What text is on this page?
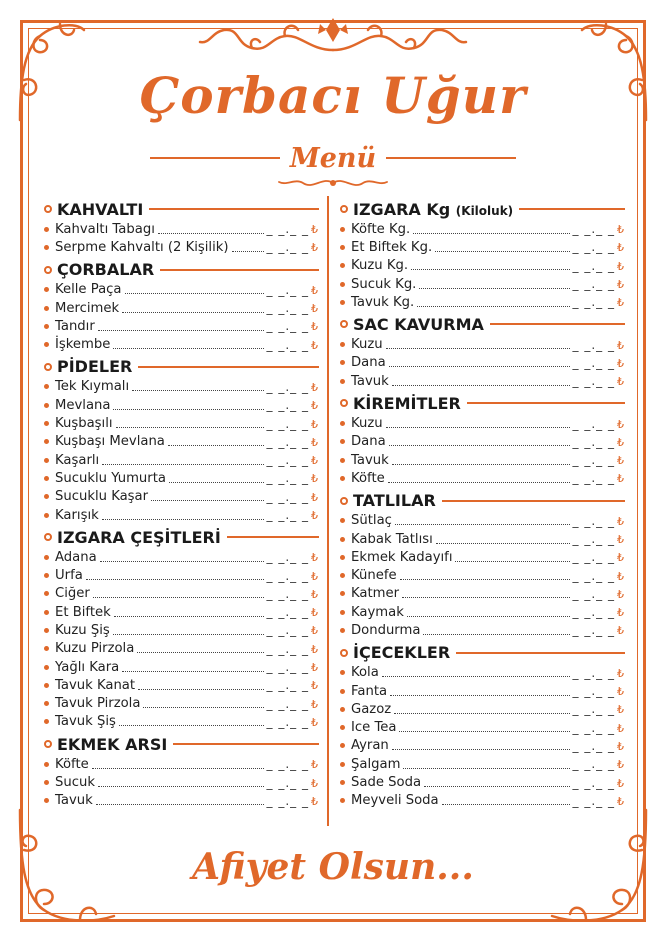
Çorbacı Uğur
Menü
KAHVALTI
Kahvaltı Tabagı	_ _._ _ ₺
Serpme Kahvaltı (2 Kişilik)	_ _._ _ ₺
ÇORBALAR
Kelle Paça	_ _._ _ ₺
Mercimek	_ _._ _ ₺
Tandır	_ _._ _ ₺
İşkembe	_ _._ _ ₺
PİDELER
Tek Kıymalı	_ _._ _ ₺
Mevlana	_ _._ _ ₺
Kuşbaşılı	_ _._ _ ₺
Kuşbaşı Mevlana	_ _._ _ ₺
Kaşarlı	_ _._ _ ₺
Sucuklu Yumurta	_ _._ _ ₺
Sucuklu Kaşar	_ _._ _ ₺
Karışık	_ _._ _ ₺
IZGARA ÇEŞİTLERİ
Adana	_ _._ _ ₺
Urfa	_ _._ _ ₺
Ciğer	_ _._ _ ₺
Et Biftek	_ _._ _ ₺
Kuzu Şiş	_ _._ _ ₺
Kuzu Pirzola	_ _._ _ ₺
Yağlı Kara	_ _._ _ ₺
Tavuk Kanat	_ _._ _ ₺
Tavuk Pirzola	_ _._ _ ₺
Tavuk Şiş	_ _._ _ ₺
EKMEK ARSI
Köfte	_ _._ _ ₺
Sucuk	_ _._ _ ₺
Tavuk	_ _._ _ ₺
IZGARA Kg (Kiloluk)
Köfte Kg.	_ _._ _ ₺
Et Biftek Kg.	_ _._ _ ₺
Kuzu Kg.	_ _._ _ ₺
Sucuk Kg.	_ _._ _ ₺
Tavuk Kg.	_ _._ _ ₺
SAC KAVURMA
Kuzu	_ _._ _ ₺
Dana	_ _._ _ ₺
Tavuk	_ _._ _ ₺
KİREMİTLER
Kuzu	_ _._ _ ₺
Dana	_ _._ _ ₺
Tavuk	_ _._ _ ₺
Köfte	_ _._ _ ₺
TATLILAR
Sütlaç	_ _._ _ ₺
Kabak Tatlısı	_ _._ _ ₺
Ekmek Kadayıfı	_ _._ _ ₺
Künefe	_ _._ _ ₺
Katmer	_ _._ _ ₺
Kaymak	_ _._ _ ₺
Dondurma	_ _._ _ ₺
İÇECEKLER
Kola	_ _._ _ ₺
Fanta	_ _._ _ ₺
Gazoz	_ _._ _ ₺
Ice Tea	_ _._ _ ₺
Ayran	_ _._ _ ₺
Şalgam	_ _._ _ ₺
Sade Soda	_ _._ _ ₺
Meyveli Soda	_ _._ _ ₺
Afiyet Olsun...
